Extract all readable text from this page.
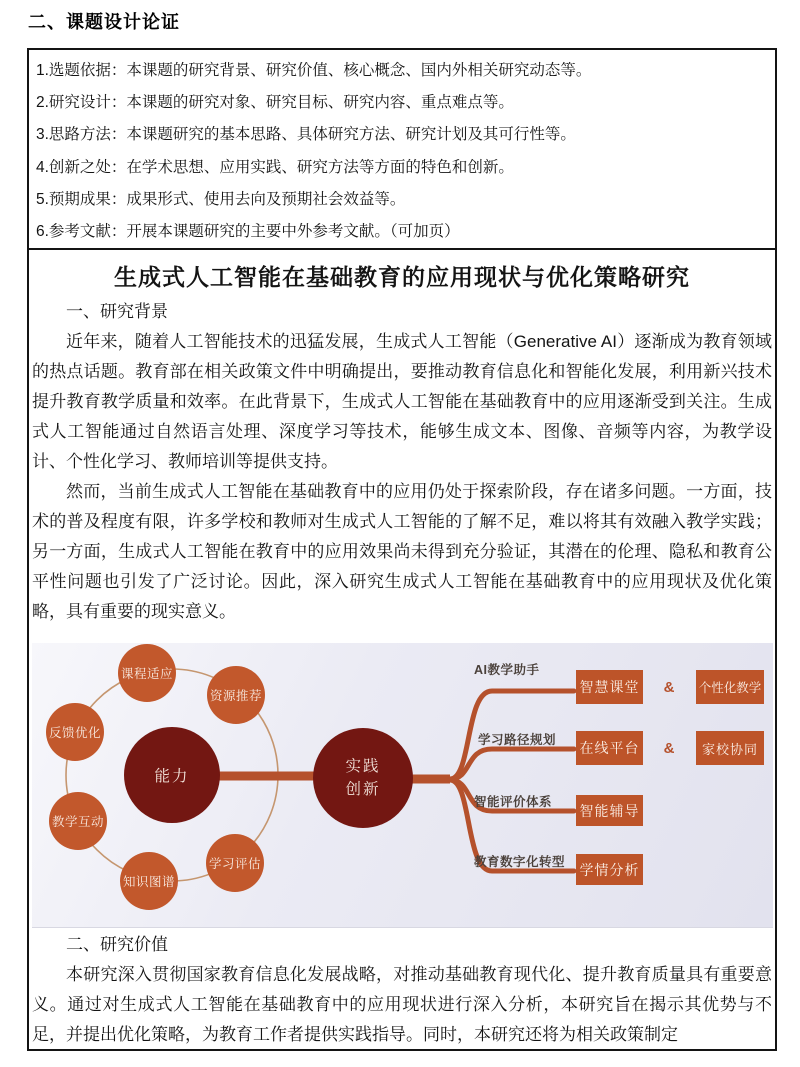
二、课题设计论证
1.选题依据：本课题的研究背景、研究价值、核心概念、国内外相关研究动态等。
2.研究设计：本课题的研究对象、研究目标、研究内容、重点难点等。
3.思路方法：本课题研究的基本思路、具体研究方法、研究计划及其可行性等。
4.创新之处：在学术思想、应用实践、研究方法等方面的特色和创新。
5.预期成果：成果形式、使用去向及预期社会效益等。
6.参考文献：开展本课题研究的主要中外参考文献。（可加页）
生成式人工智能在基础教育的应用现状与优化策略研究
一、研究背景
近年来，随着人工智能技术的迅猛发展，生成式人工智能（Generative AI）逐渐成为教育领域的热点话题。教育部在相关政策文件中明确提出，要推动教育信息化和智能化发展，利用新兴技术提升教育教学质量和效率。在此背景下，生成式人工智能在基础教育中的应用逐渐受到关注。生成式人工智能通过自然语言处理、深度学习等技术，能够生成文本、图像、音频等内容，为教学设计、个性化学习、教师培训等提供支持。
然而，当前生成式人工智能在基础教育中的应用仍处于探索阶段，存在诸多问题。一方面，技术的普及程度有限，许多学校和教师对生成式人工智能的了解不足，难以将其有效融入教学实践；另一方面，生成式人工智能在教育中的应用效果尚未得到充分验证，其潜在的伦理、隐私和教育公平性问题也引发了广泛讨论。因此，深入研究生成式人工智能在基础教育中的应用现状及优化策略，具有重要的现实意义。
课程适应
资源推荐
反馈优化
教学互动
知识图谱
学习评估
能力
实践创新
AI教学助手
学习路径规划
智能评价体系
教育数字化转型
智慧课堂	个性化教学
在线平台	家校协同
智能辅导
学情分析
&
&
二、研究价值
本研究深入贯彻国家教育信息化发展战略，对推动基础教育现代化、提升教育质量具有重要意义。通过对生成式人工智能在基础教育中的应用现状进行深入分析，本研究旨在揭示其优势与不足，并提出优化策略，为教育工作者提供实践指导。同时，本研究还将为相关政策制定
